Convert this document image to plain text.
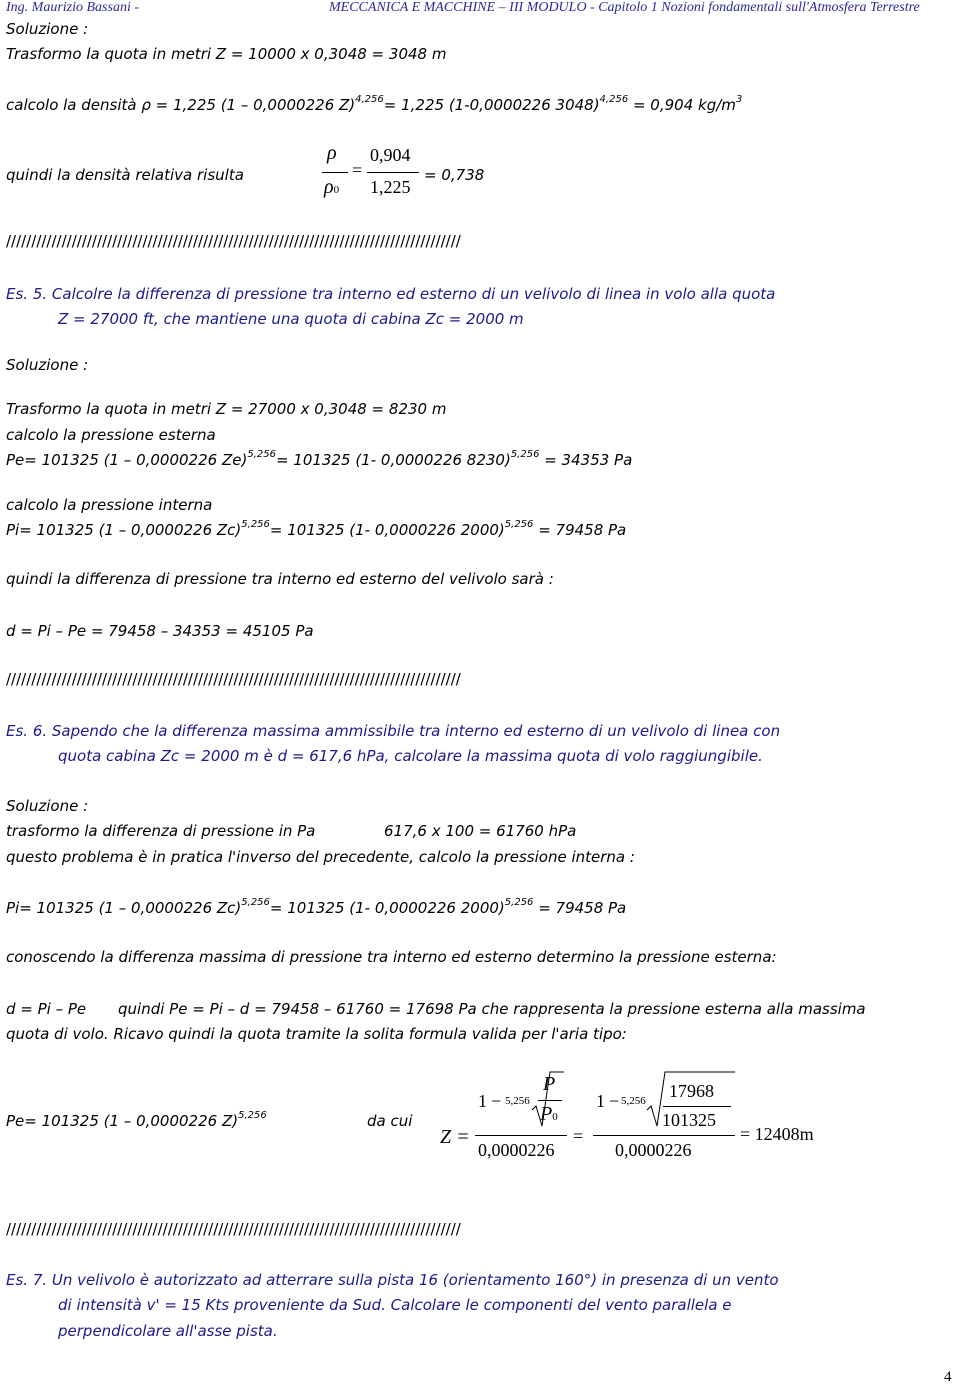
Ing. Maurizio Bassani -	MECCANICA E MACCHINE – III MODULO - Capitolo 1 Nozioni fondamentali sull'Atmosfera Terrestre
Soluzione :
Trasformo la quota in metri Z = 10000 x 0,3048 = 3048 m
calcolo la densità ρ = 1,225 (1 – 0,0000226 Z)$^{4,256}$= 1,225 (1-0,0000226 3048)$^{4,256}$ = 0,904 $kg/m^3$
quindi la densità relativa risulta
ρ
ρ0
=
0,904
1,225
= 0,738
//////////////////////////////////////////////////////////////////////////////////////////
Es. 5. Calcolre la differenza di pressione tra interno ed esterno di un velivolo di linea in volo alla quota
Z = 27000 ft, che mantiene una quota di cabina Zc = 2000 m
Soluzione :
Trasformo la quota in metri Z = 27000 x 0,3048 = 8230 m
calcolo la pressione esterna
Pe= 101325 (1 – 0,0000226 Ze)$^{5,256}$= 101325 (1- 0,0000226 8230)$^{5,256}$ = 34353 Pa
calcolo la pressione interna
Pi= 101325 (1 – 0,0000226 Zc)$^{5,256}$= 101325 (1- 0,0000226 2000)$^{5,256}$ = 79458 Pa
quindi la differenza di pressione tra interno ed esterno del velivolo sarà :
d = Pi – Pe = 79458 – 34353 = 45105 Pa
//////////////////////////////////////////////////////////////////////////////////////////
Es. 6. Sapendo che la differenza massima ammissibile tra interno ed esterno di un velivolo di linea con
quota cabina Zc = 2000 m è d = 617,6 hPa, calcolare la massima quota di volo raggiungibile.
Soluzione :
trasformo la differenza di pressione in Pa	617,6 x 100 = 61760 hPa
questo problema è in pratica l'inverso del precedente, calcolo la pressione interna :
Pi= 101325 (1 – 0,0000226 Zc)$^{5,256}$= 101325 (1- 0,0000226 2000)$^{5,256}$ = 79458 Pa
conoscendo la differenza massima di pressione tra interno ed esterno determino la pressione esterna:
d = Pi – Pe quindi Pe = Pi – d = 79458 – 61760 = 17698 Pa che rappresenta la pressione esterna alla massima
quota di volo. Ricavo quindi la quota tramite la solita formula valida per l'aria tipo:
Pe= 101325 (1 – 0,0000226 Z)$^{5,256}$	da cui
Z =
1 − 5,256
P
P0
0,0000226
=
1 − 5,256 17968
101325
0,0000226
= 12408m
//////////////////////////////////////////////////////////////////////////////////////////
Es. 7. Un velivolo è autorizzato ad atterrare sulla pista 16 (orientamento 160°) in presenza di un vento
di intensità v' = 15 Kts proveniente da Sud. Calcolare le componenti del vento parallela e
perpendicolare all'asse pista.
4
